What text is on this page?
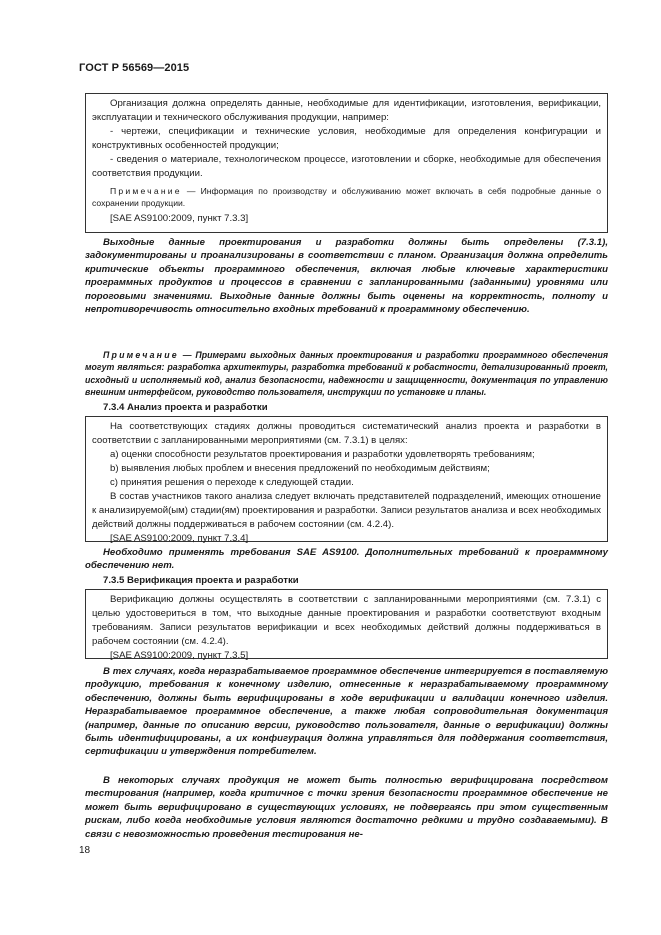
ГОСТ Р 56569—2015

Организация должна определять данные, необходимые для идентификации, изготовления, верификации, эксплуатации и технического обслуживания продукции, например:

- чертежи, спецификации и технические условия, необходимые для определения конфигурации и конструктивных особенностей продукции;

- сведения о материале, технологическом процессе, изготовлении и сборке, необходимые для обеспечения соответствия продукции.

Примечание — Информация по производству и обслуживанию может включать в себя подробные данные о сохранении продукции.

[SAE AS9100:2009, пункт 7.3.3]

Выходные данные проектирования и разработки должны быть определены (7.3.1), задокументированы и проанализированы в соответствии с планом. Организация должна определить критические объекты программного обеспечения, включая любые ключевые характеристики программных продуктов и процессов в сравнении с запланированными (заданными) уровнями или пороговыми значениями. Выходные данные должны быть оценены на корректность, полноту и непротиворечивость относительно входных требований к программному обеспечению.

Примечание — Примерами выходных данных проектирования и разработки программного обеспечения могут являться: разработка архитектуры, разработка требований к робастности, детализированный проект, исходный и исполняемый код, анализ безопасности, надежности и защищенности, документация по управлению внешним интерфейсом, руководство пользователя, инструкции по установке и планы.

7.3.4 Анализ проекта и разработки

На соответствующих стадиях должны проводиться систематический анализ проекта и разработки в соответствии с запланированными мероприятиями (см. 7.3.1) в целях:

a) оценки способности результатов проектирования и разработки удовлетворять требованиям;

b) выявления любых проблем и внесения предложений по необходимым действиям;

c) принятия решения о переходе к следующей стадии.

В состав участников такого анализа следует включать представителей подразделений, имеющих отношение к анализируемой(ым) стадии(ям) проектирования и разработки. Записи результатов анализа и всех необходимых действий должны поддерживаться в рабочем состоянии (см. 4.2.4).

[SAE AS9100:2009, пункт 7.3.4]

Необходимо применять требования SAE AS9100. Дополнительных требований к программному обеспечению нет.

7.3.5 Верификация проекта и разработки

Верификацию должны осуществлять в соответствии с запланированными мероприятиями (см. 7.3.1) с целью удостовериться в том, что выходные данные проектирования и разработки соответствуют входным требованиям. Записи результатов верификации и всех необходимых действий должны поддерживаться в рабочем состоянии (см. 4.2.4).

[SAE AS9100:2009, пункт 7.3.5]

В тех случаях, когда неразрабатываемое программное обеспечение интегрируется в поставляемую продукцию, требования к конечному изделию, отнесенные к неразрабатываемому программному обеспечению, должны быть верифицированы в ходе верификации и валидации конечного изделия. Неразрабатываемое программное обеспечение, а также любая сопроводительная документация (например, данные по описанию версии, руководство пользователя, данные о верификации) должны быть идентифицированы, а их конфигурация должна управляться для поддержания соответствия, сертификации и утверждения потребителем.

В некоторых случаях продукция не может быть полностью верифицирована посредством тестирования (например, когда критичное с точки зрения безопасности программное обеспечение не может быть верифицировано в существующих условиях, не подвергаясь при этом существенным рискам, либо когда необходимые условия являются достаточно редкими и трудно создаваемыми). В связи с невозможностью проведения тестирования не-

18
